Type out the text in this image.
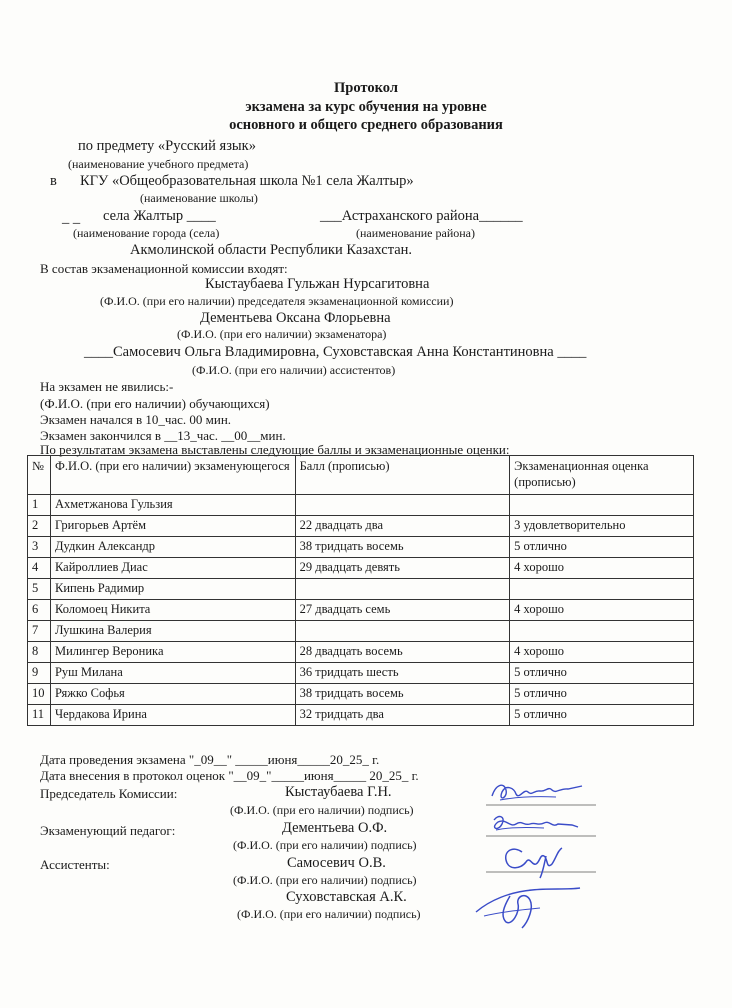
Протокол
экзамена за курс обучения на уровне
основного и общего среднего образования
по предмету «Русский язык»
(наименование учебного предмета)
в КГУ «Общеобразовательная школа №1 села Жалтыр»
(наименование школы)
_ _ села Жалтыр ____	___Астраханского района______
(наименование города (села)	(наименование района)
Акмолинской области Республики Казахстан.
В состав экзаменационной комиссии входят:
Кыстаубаева Гульжан Нурсагитовна
(Ф.И.О. (при его наличии) председателя экзаменационной комиссии)
Дементьева Оксана Флорьевна
(Ф.И.О. (при его наличии) экзаменатора)
____Самосевич Ольга Владимировна, Суховставская Анна Константиновна ____
(Ф.И.О. (при его наличии) ассистентов)
На экзамен не явились:-
(Ф.И.О. (при его наличии) обучающихся)
Экзамен начался в 10_час. 00 мин.
Экзамен закончился в __13_час. __00__мин.
По результатам экзамена выставлены следующие баллы и экзаменационные оценки:
№	Ф.И.О. (при его наличии) экзаменующегося	Балл (прописью)	Экзаменационная оценка (прописью)
1	Ахметжанова Гульзия		
2	Григорьев Артём	22 двадцать два	3 удовлетворительно
3	Дудкин Александр	38 тридцать восемь	5 отлично
4	Кайроллиев Диас	29 двадцать девять	4 хорошо
5	Кипень Радимир		
6	Коломоец Никита	27 двадцать семь	4 хорошо
7	Лушкина Валерия		
8	Милингер Вероника	28 двадцать восемь	4 хорошо
9	Руш Милана	36 тридцать шесть	5 отлично
10	Ряжко Софья	38 тридцать восемь	5 отлично
11	Чердакова Ирина	32 тридцать два	5 отлично
Дата проведения экзамена "_09__" _____июня_____20_25_ г.
Дата внесения в протокол оценок "__09_"_____июня_____ 20_25_ г.
Председатель Комиссии:	Кыстаубаева Г.Н.
(Ф.И.О. (при его наличии) подпись)
Экзаменующий педагог:	Дементьева О.Ф.
(Ф.И.О. (при его наличии) подпись)
Ассистенты:	Самосевич О.В.
(Ф.И.О. (при его наличии) подпись)
Суховставская А.К.
(Ф.И.О. (при его наличии) подпись)
